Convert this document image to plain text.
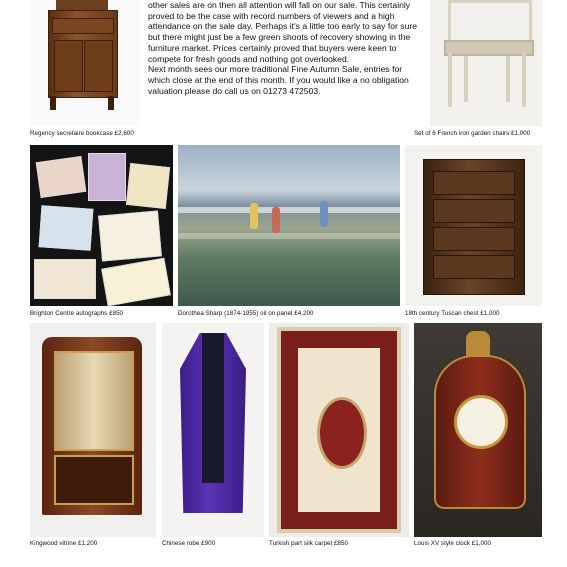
Regency secretaire bookcase £2,600

other sales are on then all attention will fall on our sale. This certainly proved to be the case with record numbers of viewers and a high attendance on the sale day. Perhaps it's a little too early to say for sure but there might just be a few green shoots of recovery showing in the furniture market. Prices certainly proved that buyers were keen to compete for fresh goods and nothing got overlooked.

Next month sees our more traditional Fine Autumn Sale, entries for which close at the end of this month. If you would like a no obligation valuation please do call us on 01273 472503.

Set of 6 French iron garden chairs £1,000
Brighton Centre autographs £850	Dorothea Sharp (1874-1955) oil on panel £4,200	18th century Tuscan chest £1,000
Kingwood vitrine £1,200	Chinese robe £900	Turkish part silk carpet £850	Louis XV style clock £1,000
